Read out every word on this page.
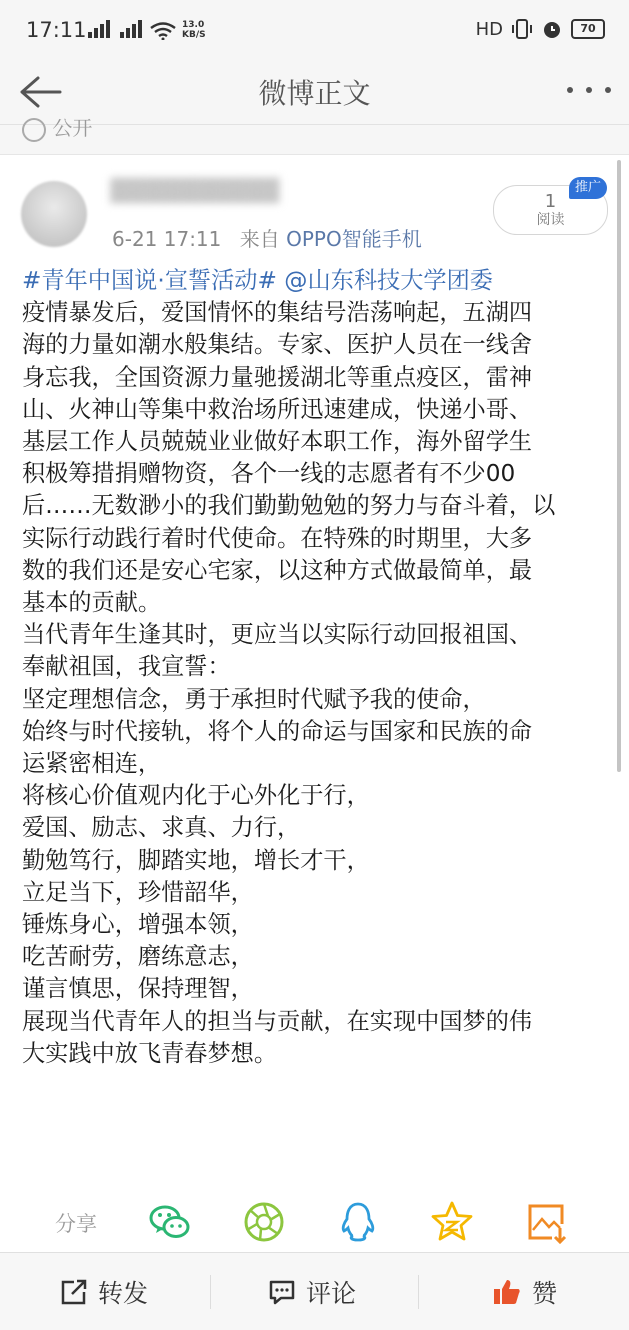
17:11	13.0
KB/S	HD	70
微博正文
公开
▓▓▓▓▓▓▓▓▓▓
6-21 17:11 来自 OPPO智能手机
1
阅读
推广
#青年中国说·宣誓活动# @山东科技大学团委
疫情暴发后，爱国情怀的集结号浩荡响起，五湖四
海的力量如潮水般集结。专家、医护人员在一线舍
身忘我，全国资源力量驰援湖北等重点疫区，雷神
山、火神山等集中救治场所迅速建成，快递小哥、
基层工作人员兢兢业业做好本职工作，海外留学生
积极筹措捐赠物资，各个一线的志愿者有不少00
后……无数渺小的我们勤勤勉勉的努力与奋斗着，以
实际行动践行着时代使命。在特殊的时期里，大多
数的我们还是安心宅家，以这种方式做最简单，最
基本的贡献。
当代青年生逢其时，更应当以实际行动回报祖国、
奉献祖国，我宣誓：
坚定理想信念，勇于承担时代赋予我的使命，
始终与时代接轨，将个人的命运与国家和民族的命
运紧密相连，
将核心价值观内化于心外化于行，
爱国、励志、求真、力行，
勤勉笃行，脚踏实地，增长才干，
立足当下，珍惜韶华，
锤炼身心，增强本领，
吃苦耐劳，磨练意志，
谨言慎思，保持理智，
展现当代青年人的担当与贡献，在实现中国梦的伟
大实践中放飞青春梦想。
分享
转发	评论	赞
